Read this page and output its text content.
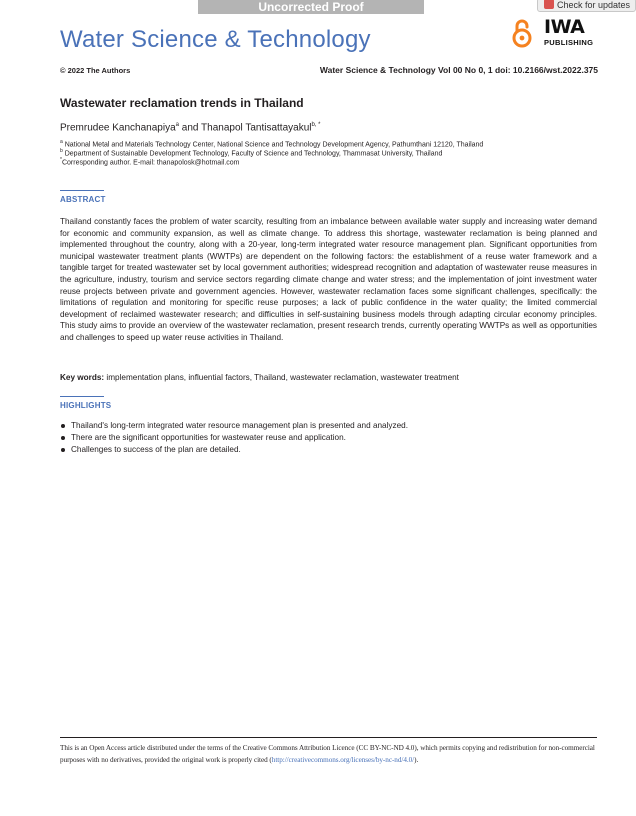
Uncorrected Proof	Check for updates
Water Science & Technology	IWA
PUBLISHING
© 2022 The Authors	Water Science & Technology Vol 00 No 0, 1 doi: 10.2166/wst.2022.375
Wastewater reclamation trends in Thailand
Premrudee Kanchanapiya$^a$ and Thanapol Tantisattayakul$^{b, *}$
$^a$ National Metal and Materials Technology Center, National Science and Technology Development Agency, Pathumthani 12120, Thailand
$^b$ Department of Sustainable Development Technology, Faculty of Science and Technology, Thammasat University, Thailand
*Corresponding author. E-mail: thanapolosk@hotmail.com
ABSTRACT

Thailand constantly faces the problem of water scarcity, resulting from an imbalance between available water supply and increasing water demand for economic and community expansion, as well as climate change. To address this shortage, wastewater reclamation is being planned and implemented throughout the country, along with a 20-year, long-term integrated water resource management plan. Significant opportunities from municipal wastewater treatment plants (WWTPs) are dependent on the following factors: the establishment of a reuse water framework and a tangible target for treated wastewater set by local government authorities; widespread recognition and adaptation of wastewater reuse measures in the agriculture, industry, tourism and service sectors regarding climate change and water stress; and the implementation of joint investment water reuse projects between private and government agencies. However, wastewater reclamation faces some significant challenges, specifically: the limitations of regulation and monitoring for specific reuse purposes; a lack of public confidence in the water quality; the limited commercial development of reclaimed wastewater research; and difficulties in self-sustaining business models through adapting circular economy principles. This study aims to provide an overview of the wastewater reclamation, present research trends, currently operating WWTPs as well as opportunities and challenges to speed up water reuse activities in Thailand.

Key words: implementation plans, influential factors, Thailand, wastewater reclamation, wastewater treatment

HIGHLIGHTS
Thailand's long-term integrated water resource management plan is presented and analyzed.
There are the significant opportunities for wastewater reuse and application.
Challenges to success of the plan are detailed.

This is an Open Access article distributed under the terms of the Creative Commons Attribution Licence (CC BY-NC-ND 4.0), which permits copying and redistribution for non-commercial purposes with no derivatives, provided the original work is properly cited (http://creativecommons.org/licenses/by-nc-nd/4.0/).
